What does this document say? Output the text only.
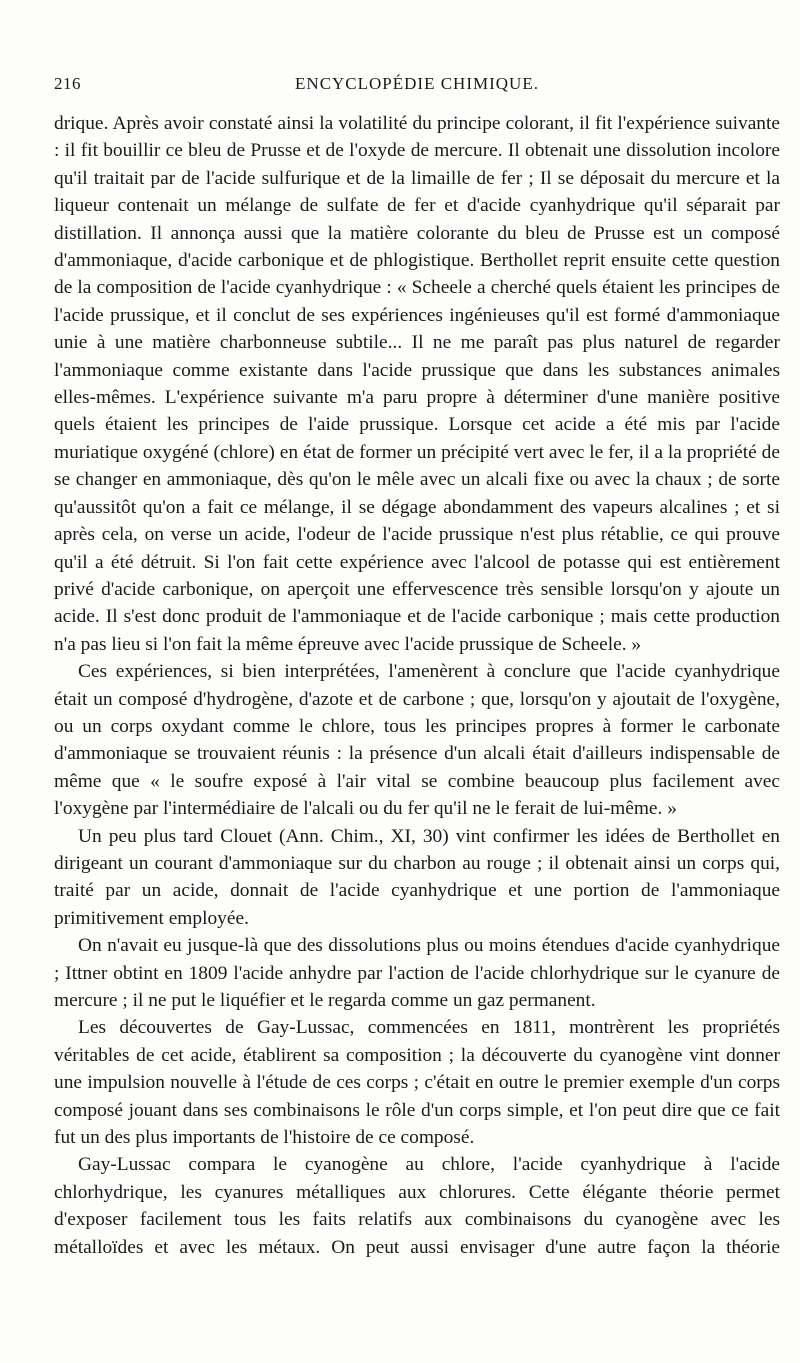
216	ENCYCLOPÉDIE CHIMIQUE.

drique. Après avoir constaté ainsi la volatilité du principe colorant, il fit l'expérience suivante : il fit bouillir ce bleu de Prusse et de l'oxyde de mercure. Il obtenait une dissolution incolore qu'il traitait par de l'acide sulfurique et de la limaille de fer ; Il se déposait du mercure et la liqueur contenait un mélange de sulfate de fer et d'acide cyanhydrique qu'il séparait par distillation. Il annonça aussi que la matière colorante du bleu de Prusse est un composé d'ammoniaque, d'acide carbonique et de phlogistique. Berthollet reprit ensuite cette question de la composition de l'acide cyanhydrique : « Scheele a cherché quels étaient les principes de l'acide prussique, et il conclut de ses expériences ingénieuses qu'il est formé d'ammoniaque unie à une matière charbonneuse subtile... Il ne me paraît pas plus naturel de regarder l'ammoniaque comme existante dans l'acide prussique que dans les substances animales elles-mêmes. L'expérience suivante m'a paru propre à déterminer d'une manière positive quels étaient les principes de l'aide prussique. Lorsque cet acide a été mis par l'acide muriatique oxygéné (chlore) en état de former un précipité vert avec le fer, il a la propriété de se changer en ammoniaque, dès qu'on le mêle avec un alcali fixe ou avec la chaux ; de sorte qu'aussitôt qu'on a fait ce mélange, il se dégage abondamment des vapeurs alcalines ; et si après cela, on verse un acide, l'odeur de l'acide prussique n'est plus rétablie, ce qui prouve qu'il a été détruit. Si l'on fait cette expérience avec l'alcool de potasse qui est entièrement privé d'acide carbonique, on aperçoit une effervescence très sensible lorsqu'on y ajoute un acide. Il s'est donc produit de l'ammoniaque et de l'acide carbonique ; mais cette production n'a pas lieu si l'on fait la même épreuve avec l'acide prussique de Scheele. »

Ces expériences, si bien interprétées, l'amenèrent à conclure que l'acide cyanhydrique était un composé d'hydrogène, d'azote et de carbone ; que, lorsqu'on y ajoutait de l'oxygène, ou un corps oxydant comme le chlore, tous les principes propres à former le carbonate d'ammoniaque se trouvaient réunis : la présence d'un alcali était d'ailleurs indispensable de même que « le soufre exposé à l'air vital se combine beaucoup plus facilement avec l'oxygène par l'intermédiaire de l'alcali ou du fer qu'il ne le ferait de lui-même. »

Un peu plus tard Clouet (Ann. Chim., XI, 30) vint confirmer les idées de Berthollet en dirigeant un courant d'ammoniaque sur du charbon au rouge ; il obtenait ainsi un corps qui, traité par un acide, donnait de l'acide cyanhydrique et une portion de l'ammoniaque primitivement employée.

On n'avait eu jusque-là que des dissolutions plus ou moins étendues d'acide cyanhydrique ; Ittner obtint en 1809 l'acide anhydre par l'action de l'acide chlorhydrique sur le cyanure de mercure ; il ne put le liquéfier et le regarda comme un gaz permanent.

Les découvertes de Gay-Lussac, commencées en 1811, montrèrent les propriétés véritables de cet acide, établirent sa composition ; la découverte du cyanogène vint donner une impulsion nouvelle à l'étude de ces corps ; c'était en outre le premier exemple d'un corps composé jouant dans ses combinaisons le rôle d'un corps simple, et l'on peut dire que ce fait fut un des plus importants de l'histoire de ce composé.

Gay-Lussac compara le cyanogène au chlore, l'acide cyanhydrique à l'acide chlorhydrique, les cyanures métalliques aux chlorures. Cette élégante théorie permet d'exposer facilement tous les faits relatifs aux combinaisons du cyanogène avec les métalloïdes et avec les métaux. On peut aussi envisager d'une autre façon la théorie
